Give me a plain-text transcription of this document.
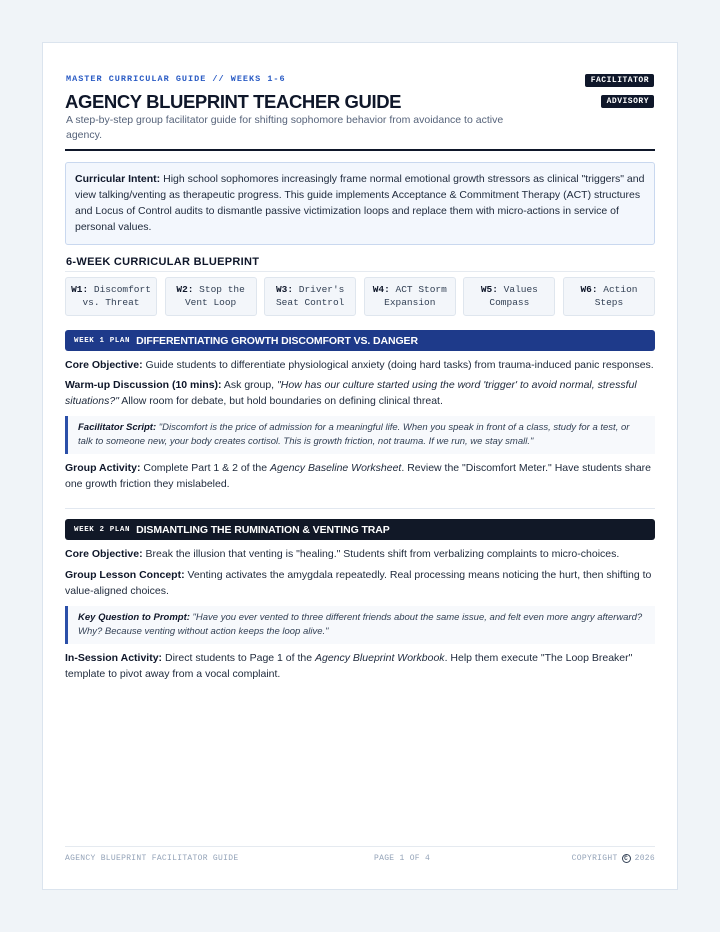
MASTER CURRICULAR GUIDE // WEEKS 1-6	FACILITATOR
ADVISORY
AGENCY BLUEPRINT TEACHER GUIDE

A step-by-step group facilitator guide for shifting sophomore behavior from avoidance to active agency.

Curricular Intent: High school sophomores increasingly frame normal emotional growth stressors as clinical "triggers" and view talking/venting as therapeutic progress. This guide implements Acceptance & Commitment Therapy (ACT) structures and Locus of Control audits to dismantle passive victimization loops and replace them with micro-actions in service of personal values.
6-WEEK CURRICULAR BLUEPRINT
W1: Discomfort
vs. Threat
W2: Stop the
Vent Loop
W3: Driver's
Seat Control
W4: ACT Storm
Expansion
W5: Values
Compass
W6: Action
Steps
WEEK 1 PLAN DIFFERENTIATING GROWTH DISCOMFORT VS. DANGER

Core Objective: Guide students to differentiate physiological anxiety (doing hard tasks) from trauma-induced panic responses.

Warm-up Discussion (10 mins): Ask group, "How has our culture started using the word 'trigger' to avoid normal, stressful situations?" Allow room for debate, but hold boundaries on defining clinical threat.

Facilitator Script: "Discomfort is the price of admission for a meaningful life. When you speak in front of a class, study for a test, or talk to someone new, your body creates cortisol. This is growth friction, not trauma. If we run, we stay small."

Group Activity: Complete Part 1 & 2 of the Agency Baseline Worksheet. Review the "Discomfort Meter." Have students share one growth friction they mislabeled.

WEEK 2 PLAN DISMANTLING THE RUMINATION & VENTING TRAP

Core Objective: Break the illusion that venting is "healing." Students shift from verbalizing complaints to micro-choices.

Group Lesson Concept: Venting activates the amygdala repeatedly. Real processing means noticing the hurt, then shifting to value-aligned choices.

Key Question to Prompt: "Have you ever vented to three different friends about the same issue, and felt even more angry afterward? Why? Because venting without action keeps the loop alive."

In-Session Activity: Direct students to Page 1 of the Agency Blueprint Workbook. Help them execute "The Loop Breaker" template to pivot away from a vocal complaint.

AGENCY BLUEPRINT FACILITATOR GUIDE	PAGE 1 OF 4	COPYRIGHT	C 2026
